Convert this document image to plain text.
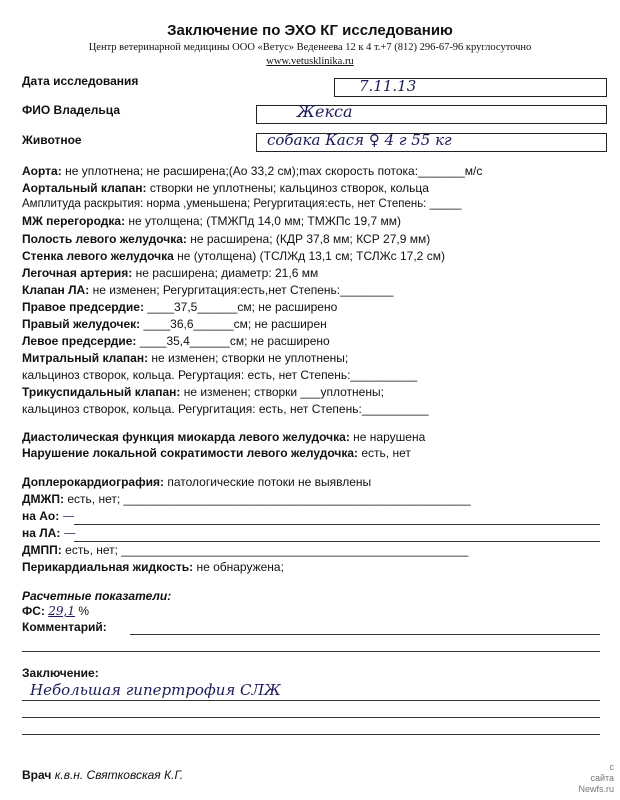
Заключение по ЭХО КГ исследованию
Центр ветеринарной медицины ООО «Ветус» Веденеева 12 к 4 т.+7 (812) 296-67-96 круглосуточно
www.vetusklinika.ru
Дата исследования	7.11.13
ФИО Владельца	Жекса
Животное	собака Кася ♀ 4 г 55 кг
Аорта: не уплотнена; не расширена;(Ао 33,2 см);max скорость потока:_______м/с
Аортальный клапан: створки не уплотнены; кальциноз створок, кольца
Амплитуда раскрытия: норма ,уменьшена; Регургитация:есть, нет Степень: _____
МЖ перегородка: не утолщена; (ТМЖПд 14,0 мм; ТМЖПс 19,7 мм)
Полость левого желудочка: не расширена; (КДР 37,8 мм; КСР 27,9 мм)
Стенка левого желудочка не (утолщена) (ТСЛЖд 13,1 см; ТСЛЖс 17,2 см)
Легочная артерия: не расширена; диаметр: 21,6 мм
Клапан ЛА: не изменен; Регургитация:есть,нет Степень:________
Правое предсердие: ____37,5______см; не расширено
Правый желудочек: ____36,6______см; не расширен
Левое предсердие: ____35,4______см; не расширено
Митральный клапан: не изменен; створки не уплотнены;
кальциноз створок, кольца. Регуртация: есть, нет Степень:__________
Трикуспидальный клапан: не изменен; створки ___уплотнены;
кальциноз створок, кольца. Регургитация: есть, нет Степень:__________
Диастолическая функция миокарда левого желудочка: не нарушена
Нарушение локальной сократимости левого желудочка: есть, нет
Доплерокардиография: патологические потоки не выявлены
ДМЖП: есть, нет; ____________________________________________________
на Ао: —
на ЛА: —
ДМПП: есть, нет; ____________________________________________________
Перикардиальная жидкость: не обнаружена;
Расчетные показатели:
ФС: 29,1 %
Комментарий:
Заключение:
Небольшая гипертрофия СЛЖ
Врач к.в.н. Святковская К.Г.
с
сайта
Newfs.ru
